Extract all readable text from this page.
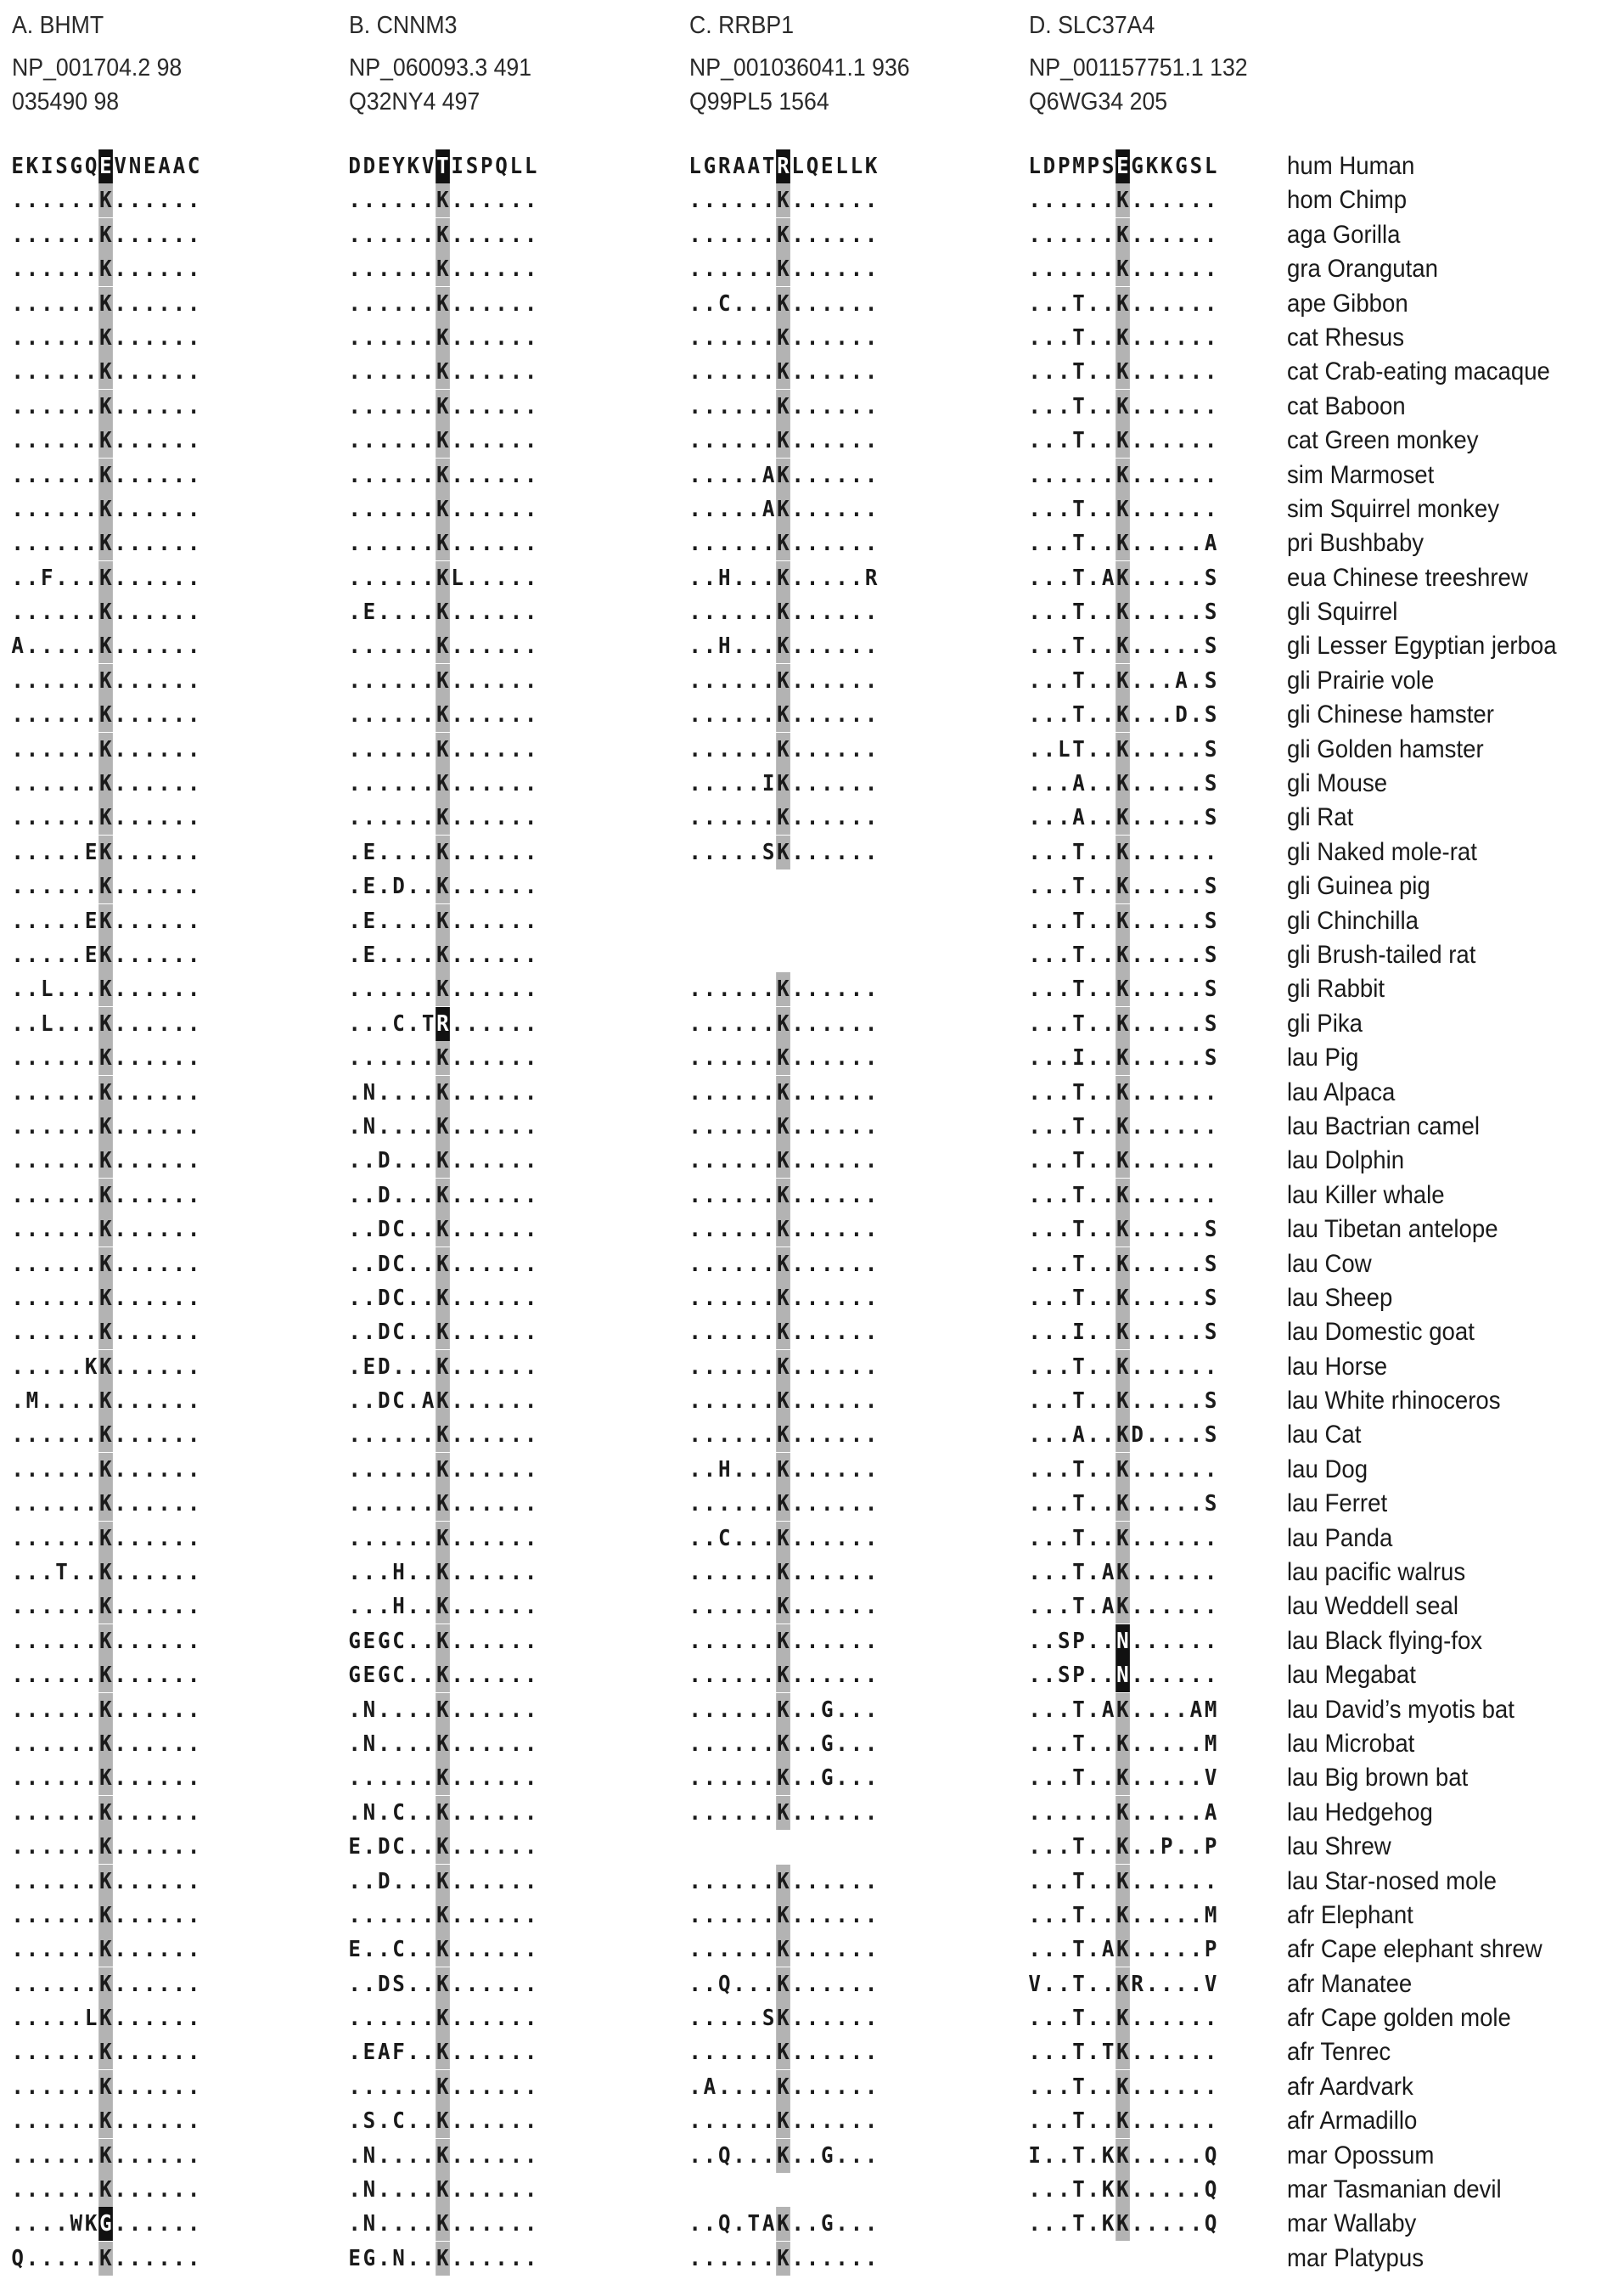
A. BHMT
NP_001704.2 98
035490 98
B. CNNM3
NP_060093.3 491
Q32NY4 497
C. RRBP1
NP_001036041.1 936
Q99PL5 1564
D. SLC37A4
NP_001157751.1 132
Q6WG34 205
E K I S G Q E V N E A A C
. . . . . . K . . . . . .
. . . . . . K . . . . . .
. . . . . . K . . . . . .
. . . . . . K . . . . . .
. . . . . . K . . . . . .
. . . . . . K . . . . . .
. . . . . . K . . . . . .
. . . . . . K . . . . . .
. . . . . . K . . . . . .
. . . . . . K . . . . . .
. . . . . . K . . . . . .
. . F . . . K . . . . . .
. . . . . . K . . . . . .
A . . . . . K . . . . . .
. . . . . . K . . . . . .
. . . . . . K . . . . . .
. . . . . . K . . . . . .
. . . . . . K . . . . . .
. . . . . . K . . . . . .
. . . . . E K . . . . . .
. . . . . . K . . . . . .
. . . . . E K . . . . . .
. . . . . E K . . . . . .
. . L . . . K . . . . . .
. . L . . . K . . . . . .
. . . . . . K . . . . . .
. . . . . . K . . . . . .
. . . . . . K . . . . . .
. . . . . . K . . . . . .
. . . . . . K . . . . . .
. . . . . . K . . . . . .
. . . . . . K . . . . . .
. . . . . . K . . . . . .
. . . . . . K . . . . . .
. . . . . K K . . . . . .
. M . . . . K . . . . . .
. . . . . . K . . . . . .
. . . . . . K . . . . . .
. . . . . . K . . . . . .
. . . . . . K . . . . . .
. . . T . . K . . . . . .
. . . . . . K . . . . . .
. . . . . . K . . . . . .
. . . . . . K . . . . . .
. . . . . . K . . . . . .
. . . . . . K . . . . . .
. . . . . . K . . . . . .
. . . . . . K . . . . . .
. . . . . . K . . . . . .
. . . . . . K . . . . . .
. . . . . . K . . . . . .
. . . . . . K . . . . . .
. . . . . . K . . . . . .
. . . . . L K . . . . . .
. . . . . . K . . . . . .
. . . . . . K . . . . . .
. . . . . . K . . . . . .
. . . . . . K . . . . . .
. . . . . . K . . . . . .
. . . . W K G . . . . . .
Q . . . . . K . . . . . .
D D E Y K V T I S P Q L L
. . . . . . K . . . . . .
. . . . . . K . . . . . .
. . . . . . K . . . . . .
. . . . . . K . . . . . .
. . . . . . K . . . . . .
. . . . . . K . . . . . .
. . . . . . K . . . . . .
. . . . . . K . . . . . .
. . . . . . K . . . . . .
. . . . . . K . . . . . .
. . . . . . K . . . . . .
. . . . . . K L . . . . .
. E . . . . K . . . . . .
. . . . . . K . . . . . .
. . . . . . K . . . . . .
. . . . . . K . . . . . .
. . . . . . K . . . . . .
. . . . . . K . . . . . .
. . . . . . K . . . . . .
. E . . . . K . . . . . .
. E . D . . K . . . . . .
. E . . . . K . . . . . .
. E . . . . K . . . . . .
. . . . . . K . . . . . .
. . . C . T R . . . . . .
. . . . . . K . . . . . .
. N . . . . K . . . . . .
. N . . . . K . . . . . .
. . D . . . K . . . . . .
. . D . . . K . . . . . .
. . D C . . K . . . . . .
. . D C . . K . . . . . .
. . D C . . K . . . . . .
. . D C . . K . . . . . .
. E D . . . K . . . . . .
. . D C . A K . . . . . .
. . . . . . K . . . . . .
. . . . . . K . . . . . .
. . . . . . K . . . . . .
. . . . . . K . . . . . .
. . . H . . K . . . . . .
. . . H . . K . . . . . .
G E G C . . K . . . . . .
G E G C . . K . . . . . .
. N . . . . K . . . . . .
. N . . . . K . . . . . .
. . . . . . K . . . . . .
. N . C . . K . . . . . .
E . D C . . K . . . . . .
. . D . . . K . . . . . .
. . . . . . K . . . . . .
E . . C . . K . . . . . .
. . D S . . K . . . . . .
. . . . . . K . . . . . .
. E A F . . K . . . . . .
. . . . . . K . . . . . .
. S . C . . K . . . . . .
. N . . . . K . . . . . .
. N . . . . K . . . . . .
. N . . . . K . . . . . .
E G . N . . K . . . . . .
L G R A A T R L Q E L L K
. . . . . . K . . . . . .
. . . . . . K . . . . . .
. . . . . . K . . . . . .
. . C . . . K . . . . . .
. . . . . . K . . . . . .
. . . . . . K . . . . . .
. . . . . . K . . . . . .
. . . . . . K . . . . . .
. . . . . A K . . . . . .
. . . . . A K . . . . . .
. . . . . . K . . . . . .
. . H . . . K . . . . . R
. . . . . . K . . . . . .
. . H . . . K . . . . . .
. . . . . . K . . . . . .
. . . . . . K . . . . . .
. . . . . . K . . . . . .
. . . . . I K . . . . . .
. . . . . . K . . . . . .
. . . . . S K . . . . . .
. . . . . . K . . . . . .
. . . . . . K . . . . . .
. . . . . . K . . . . . .
. . . . . . K . . . . . .
. . . . . . K . . . . . .
. . . . . . K . . . . . .
. . . . . . K . . . . . .
. . . . . . K . . . . . .
. . . . . . K . . . . . .
. . . . . . K . . . . . .
. . . . . . K . . . . . .
. . . . . . K . . . . . .
. . . . . . K . . . . . .
. . . . . . K . . . . . .
. . H . . . K . . . . . .
. . . . . . K . . . . . .
. . C . . . K . . . . . .
. . . . . . K . . . . . .
. . . . . . K . . . . . .
. . . . . . K . . . . . .
. . . . . . K . . . . . .
. . . . . . K . . G . . .
. . . . . . K . . G . . .
. . . . . . K . . G . . .
. . . . . . K . . . . . .
. . . . . . K . . . . . .
. . . . . . K . . . . . .
. . . . . . K . . . . . .
. . Q . . . K . . . . . .
. . . . . S K . . . . . .
. . . . . . K . . . . . .
. A . . . . K . . . . . .
. . . . . . K . . . . . .
. . Q . . . K . . G . . .
. . Q . T A K . . G . . .
. . . . . . K . . . . . .
L D P M P S E G K K G S L
. . . . . . K . . . . . .
. . . . . . K . . . . . .
. . . . . . K . . . . . .
. . . T . . K . . . . . .
. . . T . . K . . . . . .
. . . T . . K . . . . . .
. . . T . . K . . . . . .
. . . T . . K . . . . . .
. . . . . . K . . . . . .
. . . T . . K . . . . . .
. . . T . . K . . . . . A
. . . T . A K . . . . . S
. . . T . . K . . . . . S
. . . T . . K . . . . . S
. . . T . . K . . . A . S
. . . T . . K . . . D . S
. . L T . . K . . . . . S
. . . A . . K . . . . . S
. . . A . . K . . . . . S
. . . T . . K . . . . . .
. . . T . . K . . . . . S
. . . T . . K . . . . . S
. . . T . . K . . . . . S
. . . T . . K . . . . . S
. . . T . . K . . . . . S
. . . I . . K . . . . . S
. . . T . . K . . . . . .
. . . T . . K . . . . . .
. . . T . . K . . . . . .
. . . T . . K . . . . . .
. . . T . . K . . . . . S
. . . T . . K . . . . . S
. . . T . . K . . . . . S
. . . I . . K . . . . . S
. . . T . . K . . . . . .
. . . T . . K . . . . . S
. . . A . . K D . . . . S
. . . T . . K . . . . . .
. . . T . . K . . . . . S
. . . T . . K . . . . . .
. . . T . A K . . . . . .
. . . T . A K . . . . . .
. . S P . . N . . . . . .
. . S P . . N . . . . . .
. . . T . A K . . . . A M
. . . T . . K . . . . . M
. . . T . . K . . . . . V
. . . . . . K . . . . . A
. . . T . . K . . P . . P
. . . T . . K . . . . . .
. . . T . . K . . . . . M
. . . T . A K . . . . . P
V . . T . . K R . . . . V
. . . T . . K . . . . . .
. . . T . T K . . . . . .
. . . T . . K . . . . . .
. . . T . . K . . . . . .
I . . T . K K . . . . . Q
. . . T . K K . . . . . Q
. . . T . K K . . . . . Q
hum Human
hom Chimp
aga Gorilla
gra Orangutan
ape Gibbon
cat Rhesus
cat Crab-eating macaque
cat Baboon
cat Green monkey
sim Marmoset
sim Squirrel monkey
pri Bushbaby
eua Chinese treeshrew
gli Squirrel
gli Lesser Egyptian jerboa
gli Prairie vole
gli Chinese hamster
gli Golden hamster
gli Mouse
gli Rat
gli Naked mole-rat
gli Guinea pig
gli Chinchilla
gli Brush-tailed rat
gli Rabbit
gli Pika
lau Pig
lau Alpaca
lau Bactrian camel
lau Dolphin
lau Killer whale
lau Tibetan antelope
lau Cow
lau Sheep
lau Domestic goat
lau Horse
lau White rhinoceros
lau Cat
lau Dog
lau Ferret
lau Panda
lau pacific walrus
lau Weddell seal
lau Black flying-fox
lau Megabat
lau David’s myotis bat
lau Microbat
lau Big brown bat
lau Hedgehog
lau Shrew
lau Star-nosed mole
afr Elephant
afr Cape elephant shrew
afr Manatee
afr Cape golden mole
afr Tenrec
afr Aardvark
afr Armadillo
mar Opossum
mar Tasmanian devil
mar Wallaby
mar Platypus
